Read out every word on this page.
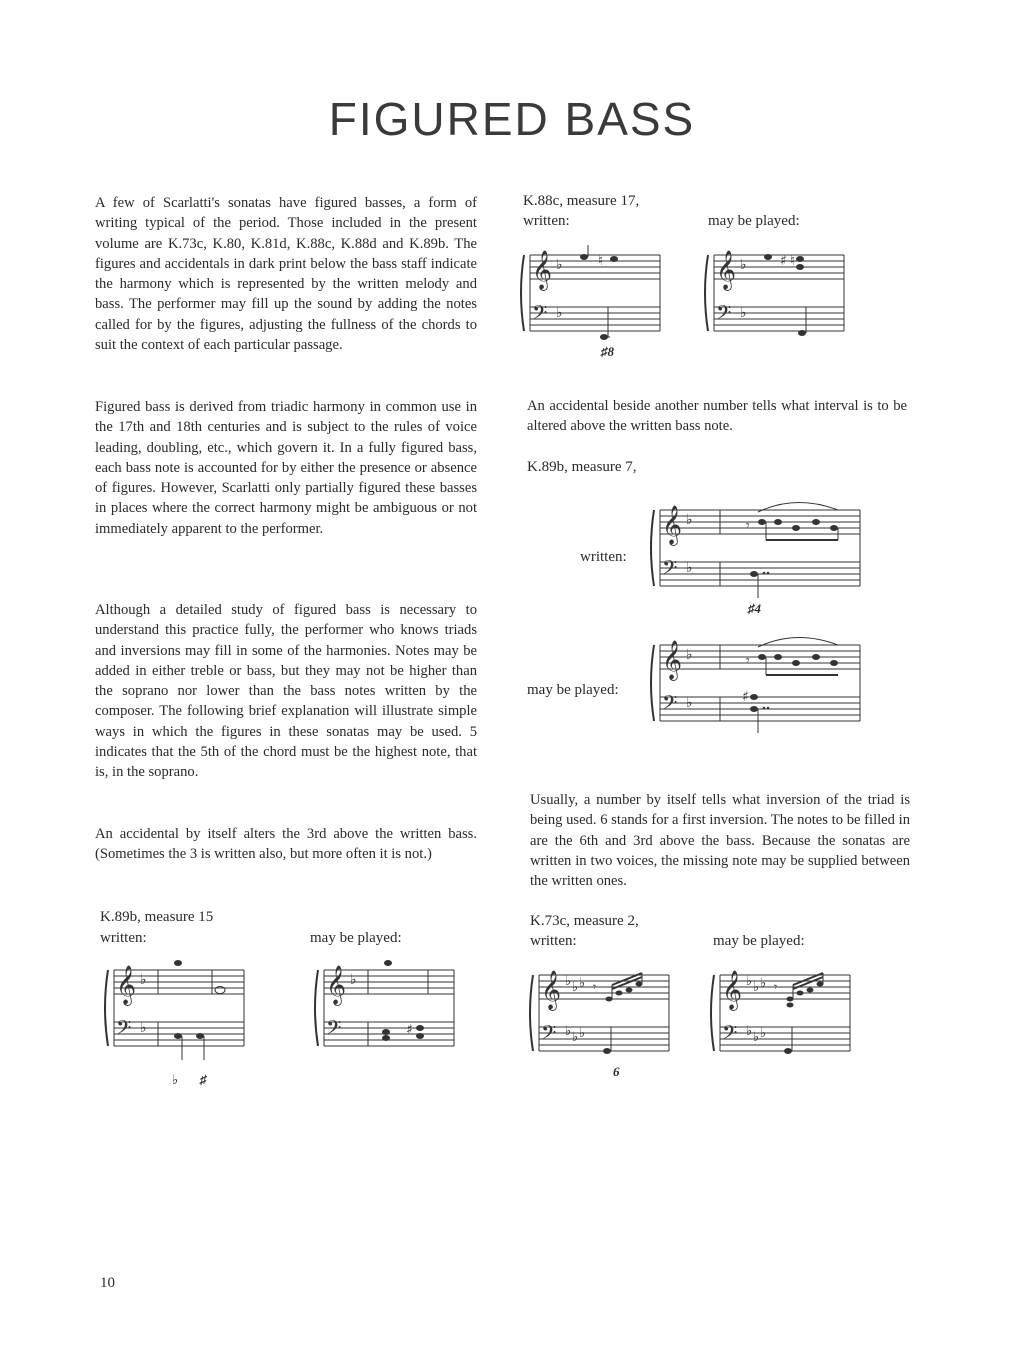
FIGURED BASS

A few of Scarlatti's sonatas have figured basses, a form of writing typical of the period. Those included in the present volume are K.73c, K.80, K.81d, K.88c, K.88d and K.89b. The figures and accidentals in dark print below the bass staff indicate the harmony which is represented by the written melody and bass. The performer may fill up the sound by adding the notes called for by the figures, adjusting the fullness of the chords to suit the context of each particular passage.

Figured bass is derived from triadic harmony in common use in the 17th and 18th centuries and is subject to the rules of voice leading, doubling, etc., which govern it. In a fully figured bass, each bass note is accounted for by either the presence or absence of figures. However, Scarlatti only partially figured these basses in places where the correct harmony might be ambiguous or not immediately apparent to the performer.

Although a detailed study of figured bass is necessary to understand this practice fully, the performer who knows triads and inversions may fill in some of the harmonies. Notes may be added in either treble or bass, but they may not be higher than the soprano nor lower than the bass notes written by the composer. The following brief explanation will illustrate simple ways in which the figures in these sonatas may be used. 5 indicates that the 5th of the chord must be the highest note, that is, in the soprano.

An accidental by itself alters the 3rd above the written bass. (Sometimes the 3 is written also, but more often it is not.)

K.89b, measure 15
written:	may be played:
𝄞
𝄢
♭
♭
♭ ♯
𝄞
𝄢
♭
♯
K.88c, measure 17,
written:	may be played:
𝄞
𝄢
♭
♭
♮
♯8
𝄞
𝄢
♭
♭
♯ ♮

An accidental beside another number tells what interval is to be altered above the written bass note.

K.89b, measure 7,
written:
𝄞
𝄢
♭
♭
𝄾
♯4
may be played:
𝄞
𝄢
♭
♭
𝄾
♯

Usually, a number by itself tells what inversion of the triad is being used. 6 stands for a first inversion. The notes to be filled in are the 6th and 3rd above the bass. Because the sonatas are written in two voices, the missing note may be supplied between the written ones.

K.73c, measure 2,
written:	may be played:
𝄞
𝄢
♭ ♭ ♭
♭ ♭ ♭
𝄾
6
𝄞
𝄢
♭ ♭ ♭
♭ ♭ ♭
𝄾
10
